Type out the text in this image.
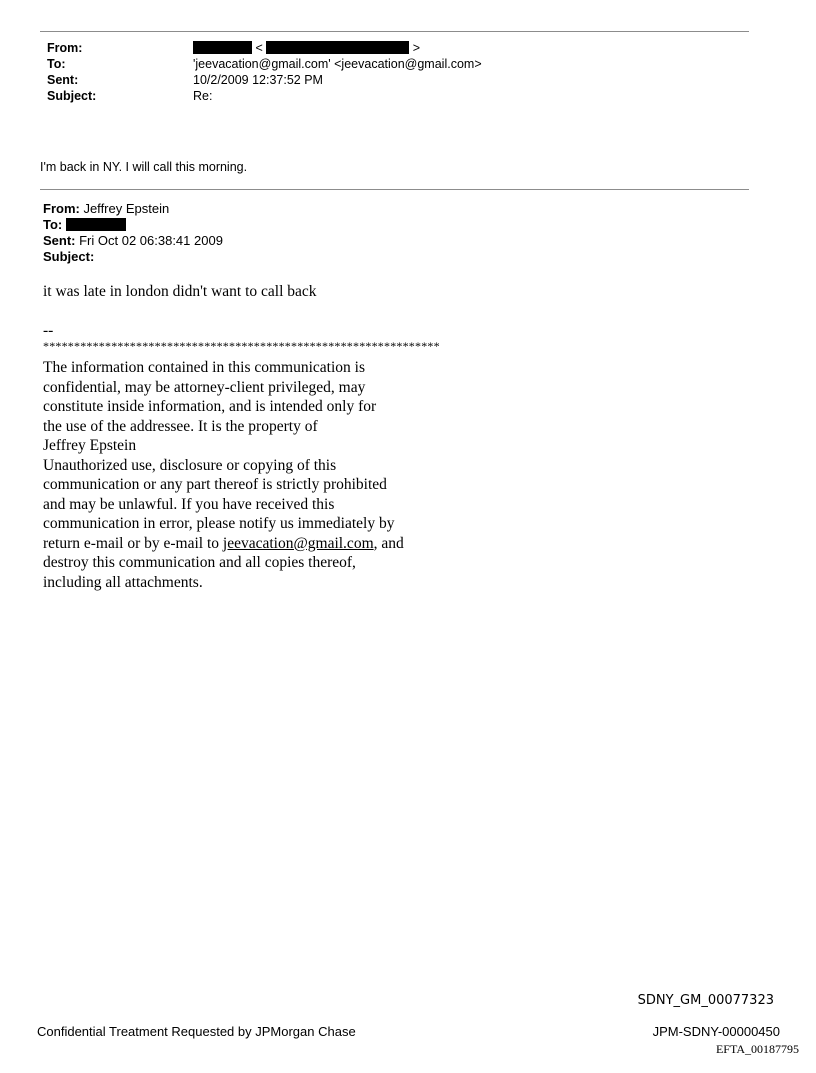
From:	<	>
To:	'jeevacation@gmail.com' <jeevacation@gmail.com>
Sent:	10/2/2009 12:37:52 PM
Subject:	Re:
I'm back in NY. I will call this morning.
From: Jeffrey Epstein
To:
Sent: Fri Oct 02 06:38:41 2009
Subject:
it was late in london didn't want to call back
--
****************************************************************
The information contained in this communication is
confidential, may be attorney-client privileged, may
constitute inside information, and is intended only for
the use of the addressee. It is the property of
Jeffrey Epstein
Unauthorized use, disclosure or copying of this
communication or any part thereof is strictly prohibited
and may be unlawful. If you have received this
communication in error, please notify us immediately by
return e-mail or by e-mail to jeevacation@gmail.com, and
destroy this communication and all copies thereof,
including all attachments.
SDNY_GM_00077323
Confidential Treatment Requested by JPMorgan Chase	JPM-SDNY-00000450
EFTA_00187795
